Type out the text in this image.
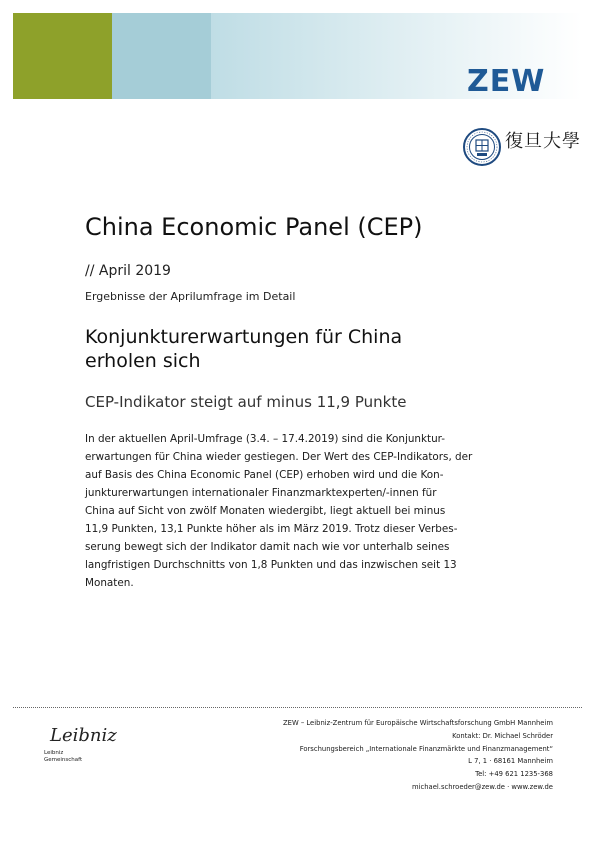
ZEW
復旦大學
China Economic Panel (CEP)
// April 2019
Ergebnisse der Aprilumfrage im Detail
Konjunkturerwartungen für China
erholen sich
CEP-Indikator steigt auf minus 11,9 Punkte
In der aktuellen April-Umfrage (3.4. – 17.4.2019) sind die Konjunktur-
erwartungen für China wieder gestiegen. Der Wert des CEP-Indikators, der
auf Basis des China Economic Panel (CEP) erhoben wird und die Kon-
junkturerwartungen internationaler Finanzmarktexperten/-innen für
China auf Sicht von zwölf Monaten wiedergibt, liegt aktuell bei minus
11,9 Punkten, 13,1 Punkte höher als im März 2019. Trotz dieser Verbes-
serung bewegt sich der Indikator damit nach wie vor unterhalb seines
langfristigen Durchschnitts von 1,8 Punkten und das inzwischen seit 13
Monaten.
Leibniz
Leibniz
Gemeinschaft
ZEW – Leibniz-Zentrum für Europäische Wirtschaftsforschung GmbH Mannheim
Kontakt: Dr. Michael Schröder
Forschungsbereich „Internationale Finanzmärkte und Finanzmanagement“
L 7, 1 · 68161 Mannheim
Tel: +49 621 1235-368
michael.schroeder@zew.de · www.zew.de
